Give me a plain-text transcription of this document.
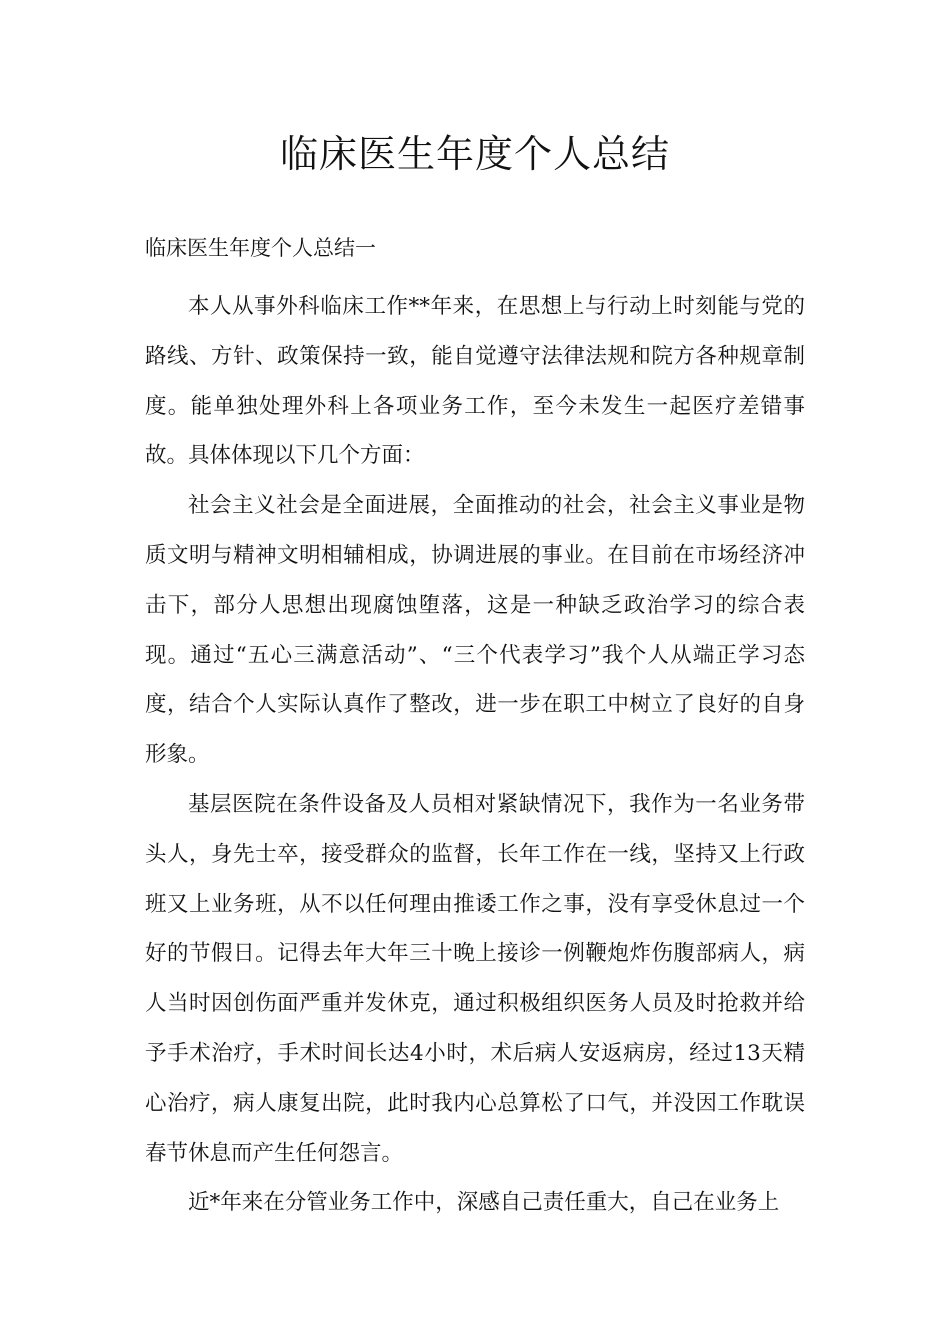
临床医生年度个人总结

临床医生年度个人总结一

本人从事外科临床工作**年来，在思想上与行动上时刻能与党的路线、方针、政策保持一致，能自觉遵守法律法规和院方各种规章制度。能单独处理外科上各项业务工作，至今未发生一起医疗差错事故。具体体现以下几个方面：

社会主义社会是全面进展，全面推动的社会，社会主义事业是物质文明与精神文明相辅相成，协调进展的事业。在目前在市场经济冲击下，部分人思想出现腐蚀堕落，这是一种缺乏政治学习的综合表现。通过“五心三满意活动”、“三个代表学习”我个人从端正学习态度，结合个人实际认真作了整改，进一步在职工中树立了良好的自身形象。

基层医院在条件设备及人员相对紧缺情况下，我作为一名业务带头人，身先士卒，接受群众的监督，长年工作在一线，坚持又上行政班又上业务班，从不以任何理由推诿工作之事，没有享受休息过一个好的节假日。记得去年大年三十晚上接诊一例鞭炮炸伤腹部病人，病人当时因创伤面严重并发休克，通过积极组织医务人员及时抢救并给予手术治疗，手术时间长达4小时，术后病人安返病房，经过13天精心治疗，病人康复出院，此时我内心总算松了口气，并没因工作耽误春节休息而产生任何怨言。

近*年来在分管业务工作中，深感自己责任重大，自己在业务上
